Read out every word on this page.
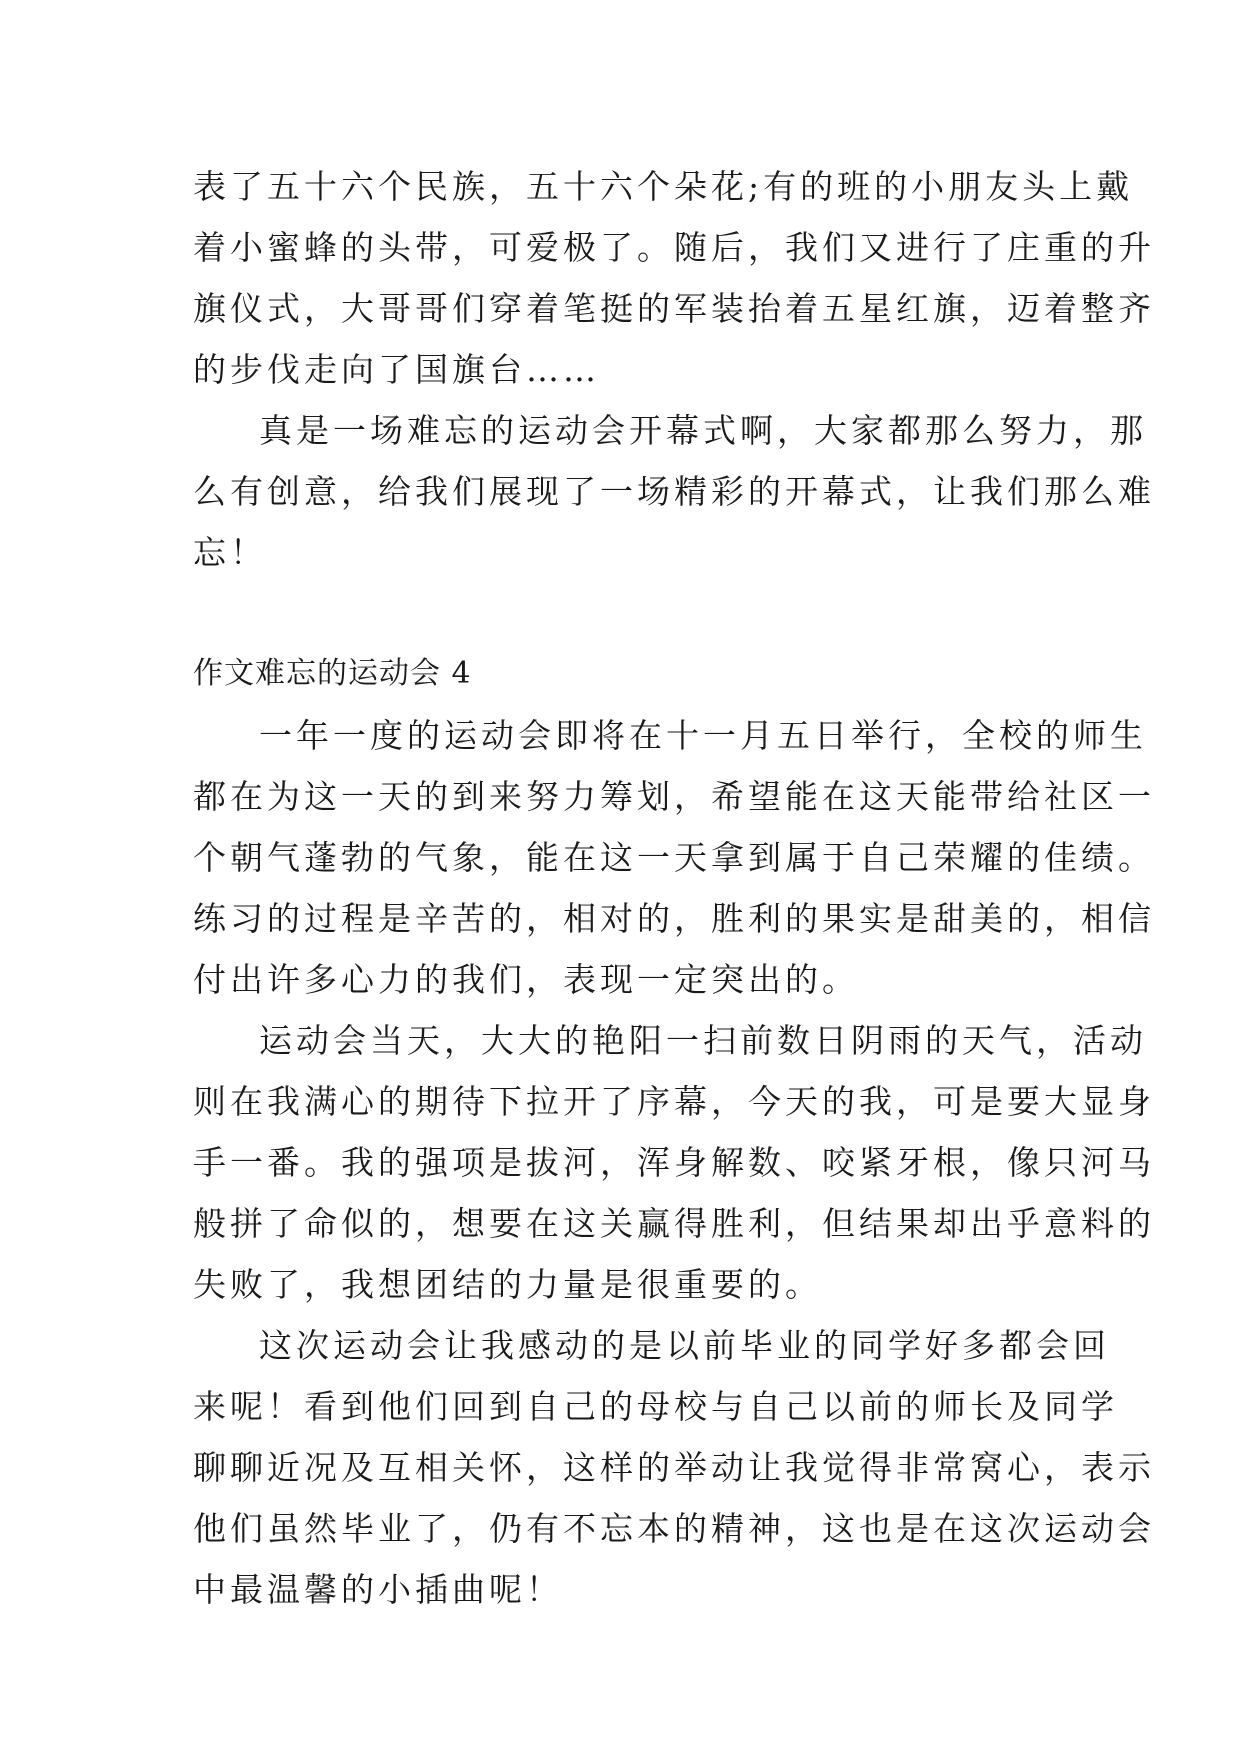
表了五十六个民族，五十六个朵花;有的班的小朋友头上戴
着小蜜蜂的头带，可爱极了。随后，我们又进行了庄重的升
旗仪式，大哥哥们穿着笔挺的军装抬着五星红旗，迈着整齐
的步伐走向了国旗台……
真是一场难忘的运动会开幕式啊，大家都那么努力，那
么有创意，给我们展现了一场精彩的开幕式，让我们那么难
忘！
作文难忘的运动会 4
一年一度的运动会即将在十一月五日举行，全校的师生
都在为这一天的到来努力筹划，希望能在这天能带给社区一
个朝气蓬勃的气象，能在这一天拿到属于自己荣耀的佳绩。
练习的过程是辛苦的，相对的，胜利的果实是甜美的，相信
付出许多心力的我们，表现一定突出的。
运动会当天，大大的艳阳一扫前数日阴雨的天气，活动
则在我满心的期待下拉开了序幕，今天的我，可是要大显身
手一番。我的强项是拔河，浑身解数、咬紧牙根，像只河马
般拼了命似的，想要在这关赢得胜利，但结果却出乎意料的
失败了，我想团结的力量是很重要的。
这次运动会让我感动的是以前毕业的同学好多都会回
来呢！看到他们回到自己的母校与自己以前的师长及同学
聊聊近况及互相关怀，这样的举动让我觉得非常窝心，表示
他们虽然毕业了，仍有不忘本的精神，这也是在这次运动会
中最温馨的小插曲呢！
